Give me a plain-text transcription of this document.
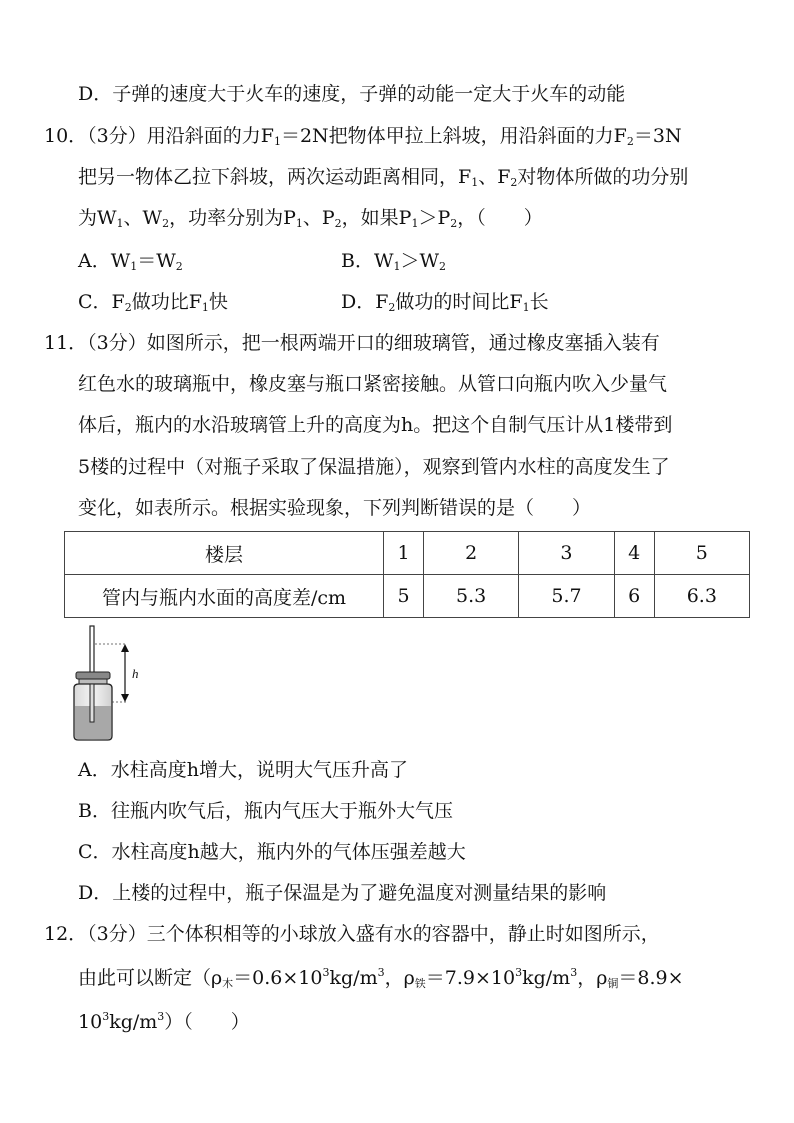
D．子弹的速度大于火车的速度，子弹的动能一定大于火车的动能
10．（3分）用沿斜面的力$F_1=2N$把物体甲拉上斜坡，用沿斜面的力$F_2=3N$
把另一物体乙拉下斜坡，两次运动距离相同，$F_1$、$F_2$对物体所做的功分别
为$W_1$、$W_2$，功率分别为$P_1$、$P_2$，如果$P_1>P_2$，（　　）
A．$W_1=W_2$	B．$W_1>W_2$
C．$F_2$做功比$F_1$快	D．$F_2$做功的时间比$F_1$长
11．（3分）如图所示，把一根两端开口的细玻璃管，通过橡皮塞插入装有
红色水的玻璃瓶中，橡皮塞与瓶口紧密接触。从管口向瓶内吹入少量气
体后，瓶内的水沿玻璃管上升的高度为h。把这个自制气压计从1楼带到
5楼的过程中（对瓶子采取了保温措施），观察到管内水柱的高度发生了
变化，如表所示。根据实验现象，下列判断错误的是（　　）
楼层	1	2	3	4	5
管内与瓶内水面的高度差/cm	5	5.3	5.7	6	6.3
h
A．水柱高度h增大，说明大气压升高了
B．往瓶内吹气后，瓶内气压大于瓶外大气压
C．水柱高度h越大，瓶内外的气体压强差越大
D．上楼的过程中，瓶子保温是为了避免温度对测量结果的影响
12．（3分）三个体积相等的小球放入盛有水的容器中，静止时如图所示，
由此可以断定（$\rho_木=0.6\times 10^3kg/m^3$，$\rho_铁=7.9\times 10^3kg/m^3$，$\rho_铜=8.9\times$
$10^3kg/m^3$）（　　）
